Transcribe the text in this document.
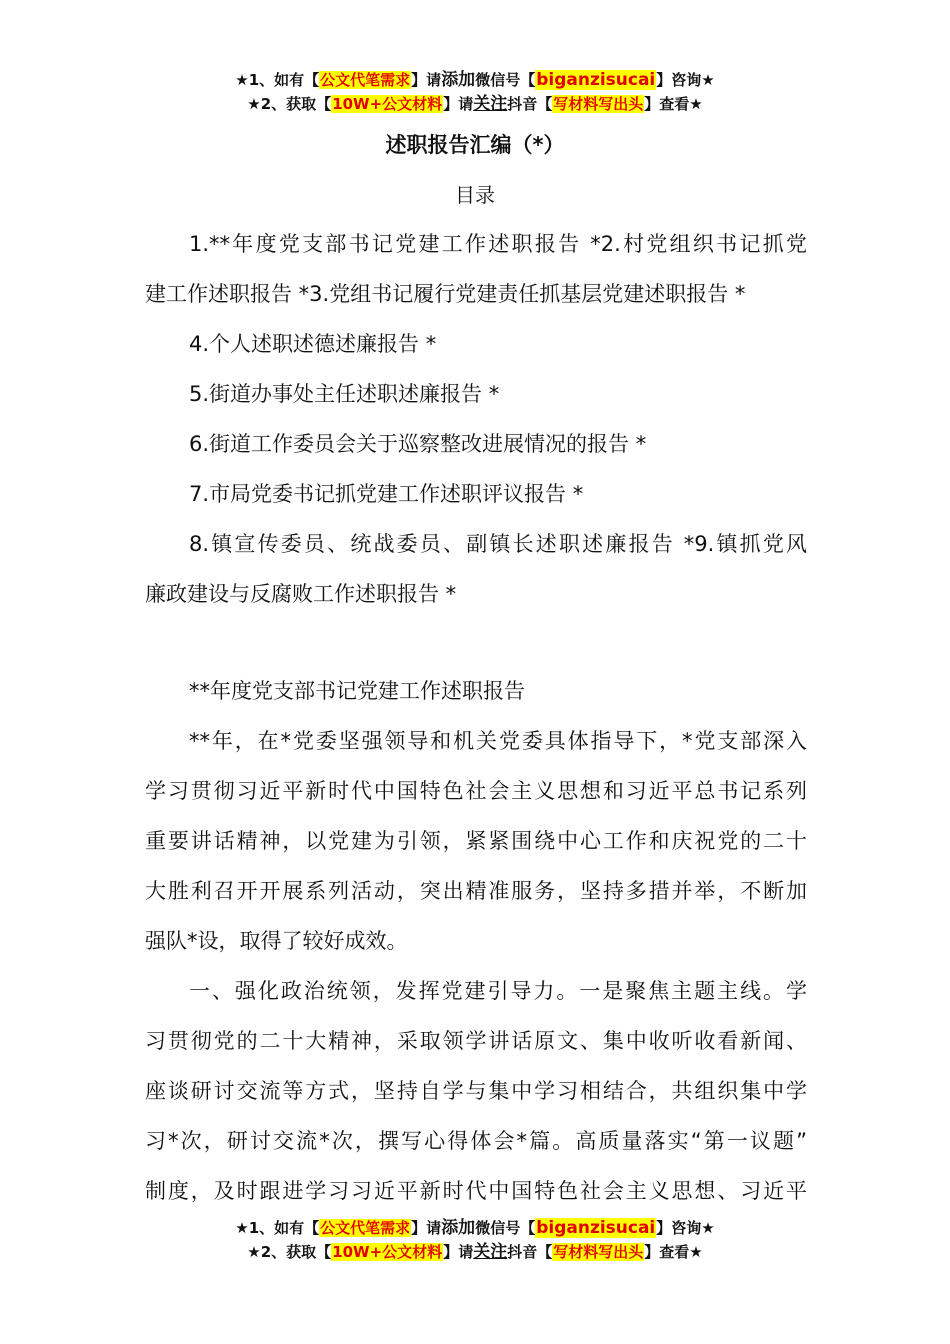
★1、如有【公文代笔需求】请添加微信号【biganzisucai】咨询★
★2、获取【10W+公文材料】请关注抖音【写材料写出头】查看★
述职报告汇编（*）
目录
1.**年度党支部书记党建工作述职报告 *2.村党组织书记抓党
建工作述职报告 *3.党组书记履行党建责任抓基层党建述职报告 *
4.个人述职述德述廉报告 *
5.街道办事处主任述职述廉报告 *
6.街道工作委员会关于巡察整改进展情况的报告 *
7.市局党委书记抓党建工作述职评议报告 *
8.镇宣传委员、统战委员、副镇长述职述廉报告 *9.镇抓党风
廉政建设与反腐败工作述职报告 *
**年度党支部书记党建工作述职报告
**年，在*党委坚强领导和机关党委具体指导下，*党支部深入
学习贯彻习近平新时代中国特色社会主义思想和习近平总书记系列
重要讲话精神，以党建为引领，紧紧围绕中心工作和庆祝党的二十
大胜利召开开展系列活动，突出精准服务，坚持多措并举，不断加
强队*设，取得了较好成效。
一、强化政治统领，发挥党建引导力。一是聚焦主题主线。学
习贯彻党的二十大精神，采取领学讲话原文、集中收听收看新闻、
座谈研讨交流等方式，坚持自学与集中学习相结合，共组织集中学
习*次，研讨交流*次，撰写心得体会*篇。高质量落实“第一议题”
制度，及时跟进学习习近平新时代中国特色社会主义思想、习近平
★1、如有【公文代笔需求】请添加微信号【biganzisucai】咨询★
★2、获取【10W+公文材料】请关注抖音【写材料写出头】查看★
